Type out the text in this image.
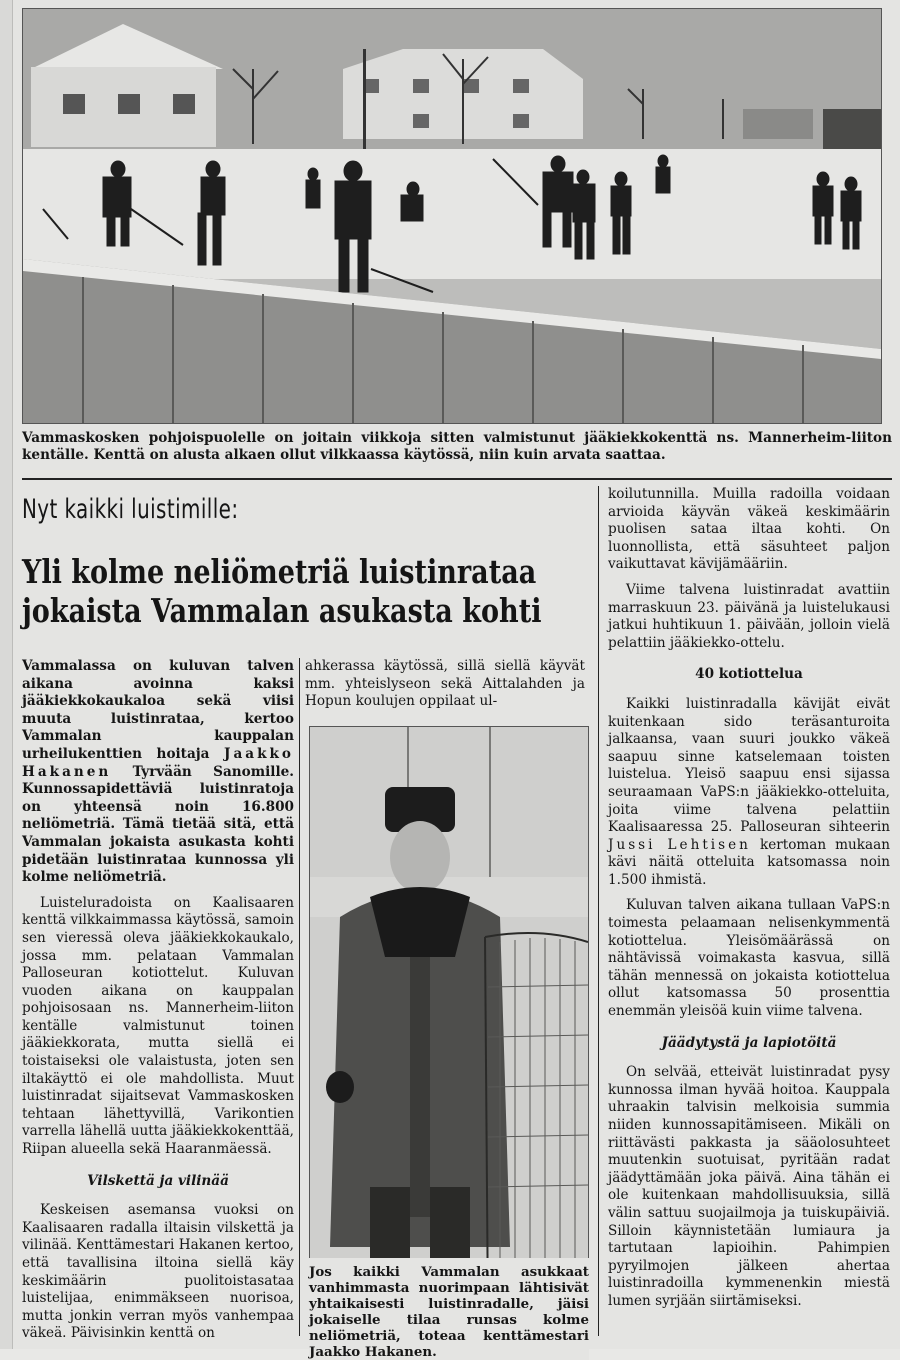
Vammaskosken pohjoispuolelle on joitain viikkoja sitten valmistunut jääkiekkokenttä ns. Mannerheim-liiton kentälle. Kenttä on alusta alkaen ollut vilkkaassa käytössä, niin kuin arvata saattaa.
Nyt kaikki luistimille:
Yli kolme neliömetriä luistinrataa
jokaista Vammalan asukasta kohti

Vammalassa on kuluvan talven aikana avoinna kaksi jääkiekkokaukaloa sekä viisi muuta luistinrataa, kertoo Vammalan kauppalan urheilukenttien hoitaja Jaakko Hakanen Tyrvään Sanomille. Kunnossapidettäviä luistinratoja on yhteensä noin 16.800 neliömetriä. Tämä tietää sitä, että Vammalan jokaista asukasta kohti pidetään luistinrataa kunnossa yli kolme neliömetriä.

Luisteluradoista on Kaalisaaren kenttä vilkkaimmassa käytössä, samoin sen vieressä oleva jääkiekkokaukalo, jossa mm. pelataan Vammalan Palloseuran kotiottelut. Kuluvan vuoden aikana on kauppalan pohjoisosaan ns. Mannerheim-liiton kentälle valmistunut toinen jääkiekkorata, mutta siellä ei toistaiseksi ole valaistusta, joten sen iltakäyttö ei ole mahdollista. Muut luistinradat sijaitsevat Vammaskosken tehtaan lähettyvillä, Varikontien varrella lähellä uutta jääkiekkokenttää, Riipan alueella sekä Haaranmäessä.

Vilskettä ja vilinää

Keskeisen asemansa vuoksi on Kaalisaaren radalla iltaisin vilskettä ja vilinää. Kenttämestari Hakanen kertoo, että tavallisina iltoina siellä käy keskimäärin puolitoistasataa luistelijaa, enimmäkseen nuorisoa, mutta jonkin verran myös vanhempaa väkeä. Päivisinkin kenttä on

ahkerassa käytössä, sillä siellä käyvät mm. yhteislyseon sekä Aittalahden ja Hopun koulujen oppilaat ul-

Jos kaikki Vammalan asukkaat vanhimmasta nuorimpaan lähtisivät yhtaikaisesti luistinradalle, jäisi jokaiselle tilaa runsas kolme neliömetriä, toteaa kenttämestari Jaakko Hakanen.

koilutunnilla. Muilla radoilla voidaan arvioida käyvän väkeä keskimäärin puolisen sataa iltaa kohti. On luonnollista, että säsuhteet paljon vaikuttavat kävijämääriin.

Viime talvena luistinradat avattiin marraskuun 23. päivänä ja luistelukausi jatkui huhtikuun 1. päivään, jolloin vielä pelattiin jääkiekko-ottelu.

40 kotiottelua

Kaikki luistinradalla kävijät eivät kuitenkaan sido teräsanturoita jalkaansa, vaan suuri joukko väkeä saapuu sinne katselemaan toisten luistelua. Yleisö saapuu ensi sijassa seuraamaan VaPS:n jääkiekko-otteluita, joita viime talvena pelattiin Kaalisaaressa 25. Palloseuran sihteerin Jussi Lehtisen kertoman mukaan kävi näitä otteluita katsomassa noin 1.500 ihmistä.

Kuluvan talven aikana tullaan VaPS:n toimesta pelaamaan nelisenkymmentä kotiottelua. Yleisömäärässä on nähtävissä voimakasta kasvua, sillä tähän mennessä on jokaista kotiottelua ollut katsomassa 50 prosenttia enemmän yleisöä kuin viime talvena.

Jäädytystä ja lapiotöitä

On selvää, etteivät luistinradat pysy kunnossa ilman hyvää hoitoa. Kauppala uhraakin talvisin melkoisia summia niiden kunnossapitämiseen. Mikäli on riittävästi pakkasta ja sääolosuhteet muutenkin suotuisat, pyritään radat jäädyttämään joka päivä. Aina tähän ei ole kuitenkaan mahdollisuuksia, sillä välin sattuu suojailmoja ja tuiskupäiviä. Silloin käynnistetään lumiaura ja tartutaan lapioihin. Pahimpien pyryilmojen jälkeen ahertaa luistinradoilla kymmenenkin miestä lumen syrjään siirtämiseksi.
